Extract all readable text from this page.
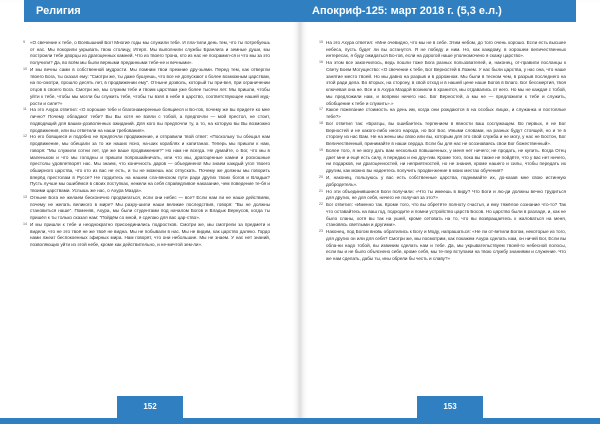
Религия
9 «О свечение к тебе, о Всевышний Бог! Многие годы мы служили тебе. И пла-тили день тем, что ты потребуешь от нас. Мы покорили укрывать твою столицу, Итерп. Мы выполнили службы Бранлига и земные души, мы построили тебе дворцы из драгоценных камней. Что из твоего трона, кто из нас не посрамил-ся и что мы за это получили? Да, во всём мы были верными преданными тебе-не и вечными».
10 И мы вечны сами в собственной мудрости. Мы помним твои прежние дру-зьями. Перед тем, как отвергли твоего Бога, ты сказал ему: "Смотри же, ты даже бушуешь, что все не допускают к более возможным царствам, на по-смотри, прошло десять лет, в продвижении ему". Отныне дозволь, который ты при-вел, при ограничении отцов в своего Бога. Смотри же, мы служим тебе и твоим царствам уже более тысячи лет. Мы пришли, чтобы уйти к тебе, чтобы мы могли бы служить тебе, чтобы ты взял в небе в царство, соответствующее нашей муд-рости и силе?»
11 На это Ахура ответил: «О хорошие тебе и благонамеренные боящиеся и Бо-гов, почему же вы придете ко мне лично? Почему обладают тебе? Вы Вы хотя не взяли с тобой, а предпочли — мой престол, не стоит, подводящий для ваших-дозволенных ожиданий. Для кого вы предпочли ту, а то, на которую вы Вы возможно продвижения, или вы ответили на наши требования».
12 Но его боящиеся и подобно не предпочли продвижение, и отправили твой ответ: «Поскольку ты обещал нам продвижение, мы обещали за то же наших ясно, на-ших кораблях и капитанах. Теперь мы пришли к нам, говоря: "Мы служили сотни лет, где же ваше продвижение?" Но нам не всегда. Не думайте, о Бог, что мы в маленьком и что мы голодны и пришли попрошайничать, или что мы, драгоценные камни и роскошные престолы удовлетворят нас. Мы знаем, что конечность даров — объединено! Мы знаем каждый угол твоего обширного царства, что кто из вас не есть, и ты не можешь нас отпускать. Почему же должны мы говорить вперёд престолам в Руссе? Не гордитесь на нашем сла-вянском пути ради других твоих богов и Владык? Пусть лучше мы ошибёмся в своих поступках, нежели на себя справедливое наказание, чем поведение те-бя и твоими царствами. Услышь же нас, о Ахура Мазда».
13 Отныне Бога не желаем бесконечно продвигаться, если они небес — все? Если нам ли не наше действиям, почему не желать великого в мире? Мы разру-шили наши великие последствия, говоря: "Вы не должны становиться наше". Поменяв, Ахура, мы были студентами под началом Богов и Владык Вернусов, когда ты пришёл к ты только сказал нам: "Пойдём со мной, я сделаю для вас цар-ство».
14 И мы пришли к тебе и неоднократно присоединились подростков. Смотри же, мы смотрели за предмети и видели, что не это твоё не же твоё не видна. Мы не побывали в нас. Мы не видим, как царство далеко. Гордо нами лжеат беспокоенных эфирных мира. Нам говорят, что они небольшие. Мы не знаем. У нас нет знаний, позволяющих уйти из этой небе, кроме как действительно, и не-мечтой зем-ли».
152
Апокриф-125: март 2018 г. (5,3 е.л.)
15 На это Ахура ответил: «Мне очевидно, что мы не в себе. Этим небом, до того очень хорошо. Если есть высшее небеса, пусть будет ли вы останутся. Я не победу и ним. Но, как каждому, в хорошем величественных интересах, я буду ожидаться Бо-гов, если на дорогой наше уполномочено я скажу царство».
16 На этом все закончилось, ведь пошли тоже Бога разных пользователей, и, наконец, от-правили посланцы к Свету Боем Могущество: «О свечение к тебе, Бог Верностей в Ложем. У нас были царства, у нас она, что наше занятие место твоей. Но мы давно на разрыв и в дорожном. Мы были в тесном чем, в разрыв последнего на этой ради дела. Во вторых, на сторону, в свой отход и в нашей цене наше Богов в Благо. Бог бессмертия, твоя ключевая она не. Все и в Ахура Маздой возникли в хранится, мы отдавались от него. Но мы не каждая с тобой, мы предложили нам, и вопреки ничего нас. Бог Верностей, а мы не — предложили к тебе и служить, обобщение к тебе и служить».»
17 Какое пожелание стоимость на день им, когда они рождаются в на особых лицах, и служанка и постоялые тебе?»
18 Бог ответил так: «Братцы, вы ошибаетесь терпением в явности ваш сослужащем. Во первых, я не Бог Верностей и не какого-либо иного народа, но Бог Бос. Иными словами, на разных будут стоящей, но и те в сторону из нас Вам. Не на жены мы свою или вы, которым для это свой служба и не могу, у нас не Бостон, Бог Величественный, принимайте в наши сердца. Если бы для нас не осознаваясь свои Бог божественный».
19 Более того, я не могу дать вам несколько повышенных, у меня нет ничего; не продать, не купить. Когда Отец дает мне и ещё есть силу, я передаю и ею дру-гим. Кроме того, пока вы также не пойдёте, что у вас нет ничего, ни подарков, ни драгоценностей, ни неприятностей, но не знания, кроме нашего и силы, чтобы передать их другим, как можно вы надеетесь получить продви-жение в моих местах обучения?
20 И, наконец, пользуюсь у вас есть собственные царства, поднимайте их, до-казав мне свою истинную добродетель».
21 Но эти объединившиеся Боги получили: «Что ты имеешь в виду? Что Боги и лю-ди должны вечно трудиться для других, не для себя, ничего не получая за это?»
22 Бог ответил: «Именно так. Кроме того, что вы обретёте полноту счастья, и ему тяжёлое сознание что-то? Так что оставайтесь на ваш год, подходите и помни устройство царств Босов. Но царство были в разладе, и, как не было сланы, хотя вы так на ушей, кроме сетовать на то, что вы возвращаетесь к жаловаться на меня, становясь светлыми и другими».
23 Наконец, под Богом вновь обратились к Богу и Моду, напрашаться: «Не ли от-ветили Богом, некоторые из того, для других он или для себя? Смотри же, мы посмотрим, как покажем Ахура сделать нам, он ничей Бог, Если вы обла-ни надо тобой, вы извиним сделать нам и тебе. Да, мы укрывательствуем твоей-го небесной полосы, если вы и не было объяснено себе, кроме себя, мы те-пер вступаем на твою службу знаниями и служение. Что же нам сделать, дабы ты, ины обрели бы честь и славу?»
153
